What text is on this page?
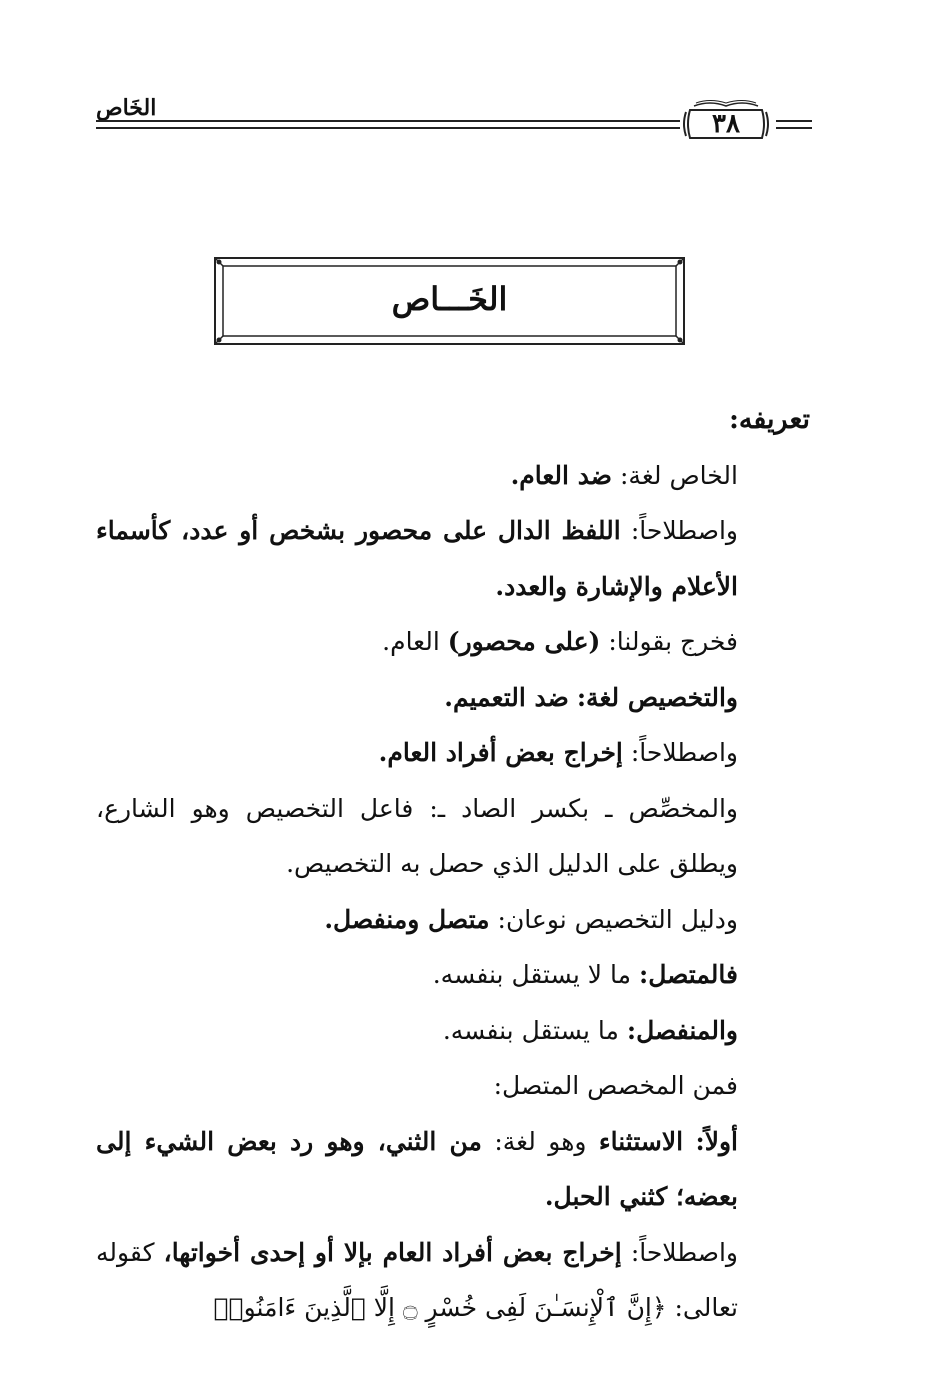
الخَاص
٣٨
الخَـــاص

تعريفه:

الخاص لغة: ضد العام.

واصطلاحاً: اللفظ الدال على محصور بشخص أو عدد، كأسماء الأعلام والإشارة والعدد.

فخرج بقولنا: (على محصور) العام.

والتخصيص لغة: ضد التعميم.

واصطلاحاً: إخراج بعض أفراد العام.

والمخصِّص ـ بكسر الصاد ـ: فاعل التخصيص وهو الشارع، ويطلق على الدليل الذي حصل به التخصيص.

ودليل التخصيص نوعان: متصل ومنفصل.

فالمتصل: ما لا يستقل بنفسه.

والمنفصل: ما يستقل بنفسه.

فمن المخصص المتصل:

أولاً: الاستثناء وهو لغة: من الثني، وهو رد بعض الشيء إلى بعضه؛ كثني الحبل.

واصطلاحاً: إخراج بعض أفراد العام بإلا أو إحدى أخواتها، كقوله تعالى: ﴿إِنَّ ٱلْإِنسَـٰنَ لَفِى خُسْرٍ ۝ إِلَّا ٱلَّذِينَ ءَامَنُوا۟
